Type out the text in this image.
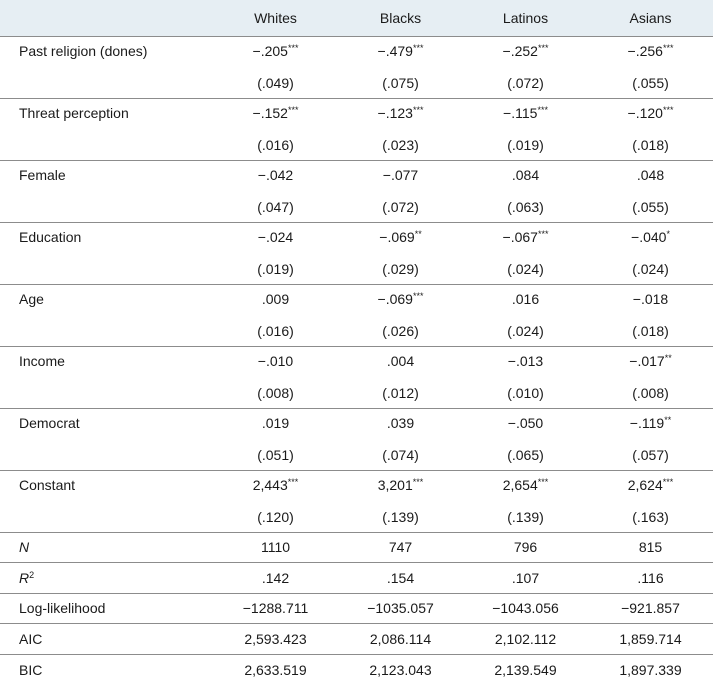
	Whites	Blacks	Latinos	Asians
Past religion (dones)	−.205***	−.479***	−.252***	−.256***
	(.049)	(.075)	(.072)	(.055)
Threat perception	−.152***	−.123***	−.115***	−.120***
	(.016)	(.023)	(.019)	(.018)
Female	−.042	−.077	.084	.048
	(.047)	(.072)	(.063)	(.055)
Education	−.024	−.069**	−.067***	−.040*
	(.019)	(.029)	(.024)	(.024)
Age	.009	−.069***	.016	−.018
	(.016)	(.026)	(.024)	(.018)
Income	−.010	.004	−.013	−.017**
	(.008)	(.012)	(.010)	(.008)
Democrat	.019	.039	−.050	−.119**
	(.051)	(.074)	(.065)	(.057)
Constant	2,443***	3,201***	2,654***	2,624***
	(.120)	(.139)	(.139)	(.163)
N	1110	747	796	815
$R^2$	.142	.154	.107	.116
Log-likelihood	−1288.711	−1035.057	−1043.056	−921.857
AIC	2,593.423	2,086.114	2,102.112	1,859.714
BIC	2,633.519	2,123.043	2,139.549	1,897.339
